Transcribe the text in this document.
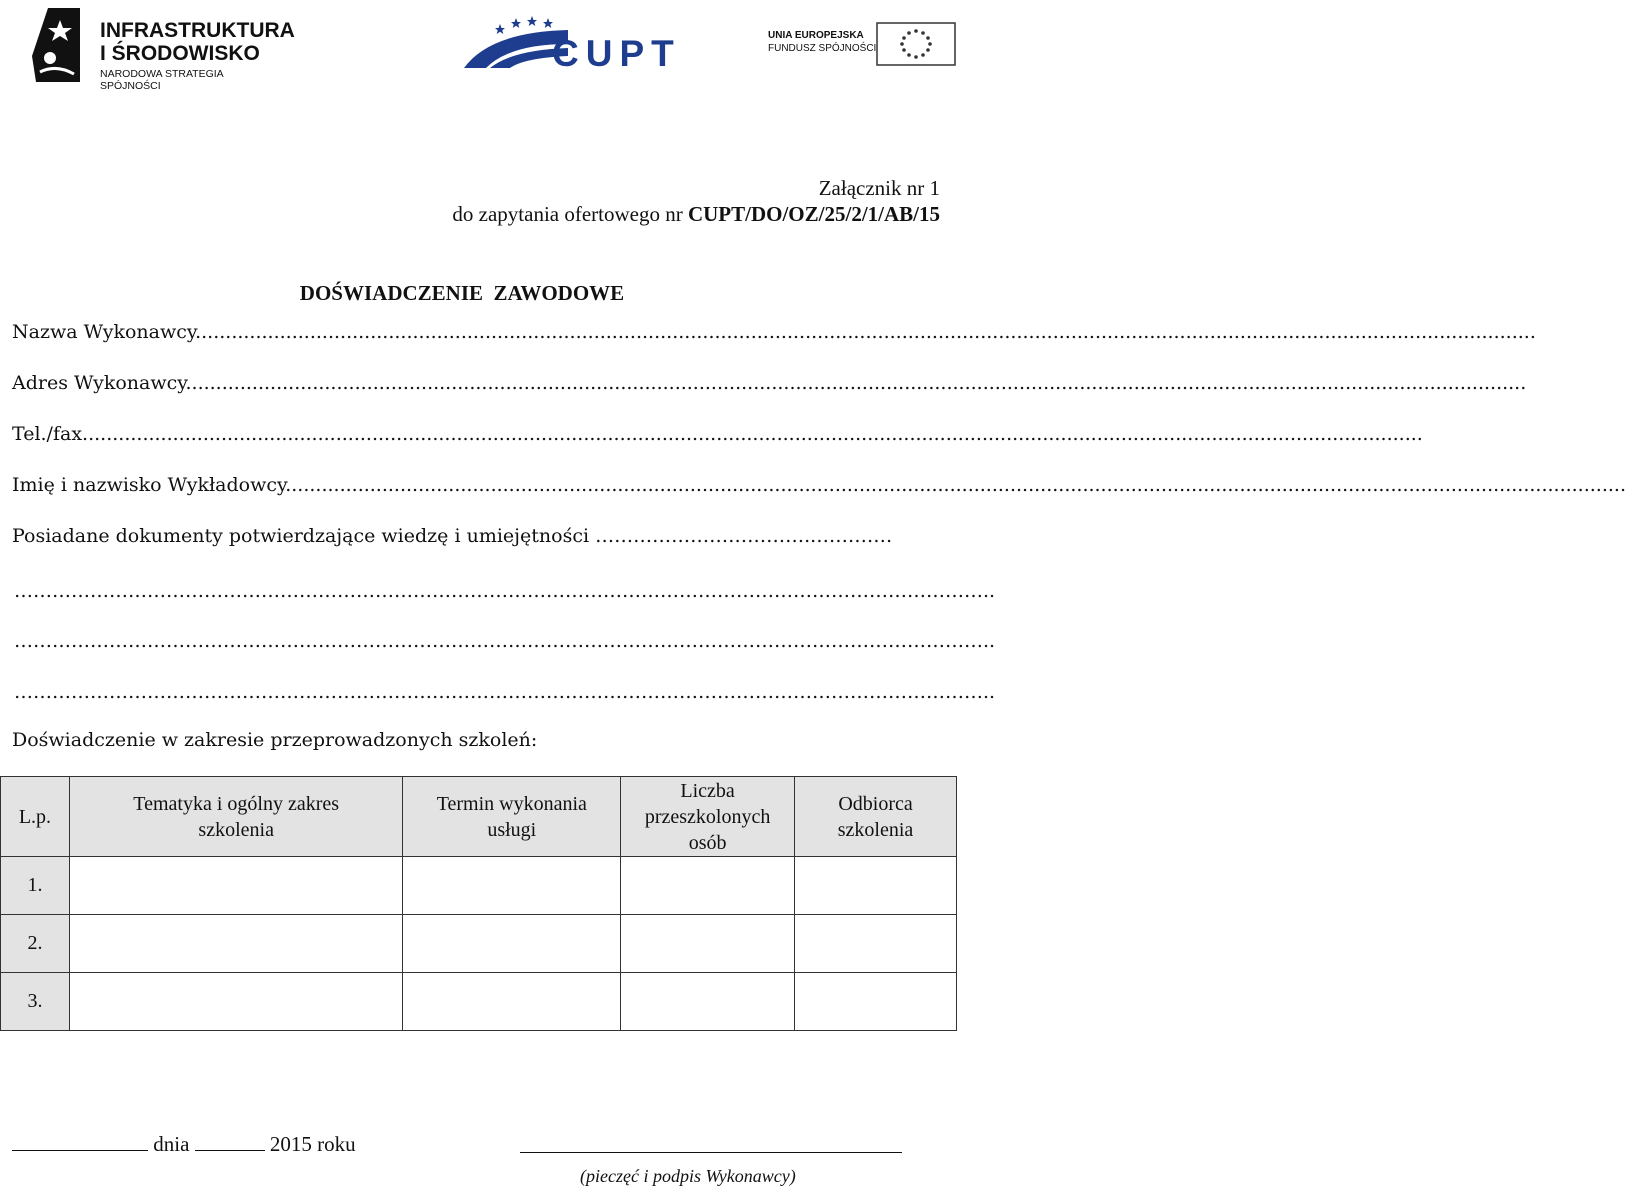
INFRASTRUKTURA
I ŚRODOWISKO
NARODOWA STRATEGIA SPÓJNOŚCI
CUPT	UNIA EUROPEJSKA
FUNDUSZ SPÓJNOŚCI
Załącznik nr 1
do zapytania ofertowego nr CUPT/DO/OZ/25/2/1/AB/15
DOŚWIADCZENIE  ZAWODOWE
Nazwa Wykonawcy..............................................................................................................................................................................................................................
Adres Wykonawcy..............................................................................................................................................................................................................................
Tel./fax..............................................................................................................................................................................................................................
Imię i nazwisko Wykładowcy..............................................................................................................................................................................................................................
Posiadane dokumenty potwierdzające wiedzę i umiejętności ……………………………..…………
………………………………………………………………………………………………………………………………………..
………………………………………………………………………………………………………………………………………..
………………………………………………………………………………………………………………………………………..
Doświadczenie w zakresie przeprowadzonych szkoleń:
L.p.	Tematyka i ogólny zakres szkolenia	Termin wykonania usługi	Liczba przeszkolonych osób	Odbiorca szkolenia
1.				
2.				
3.				
dnia	2015 roku
(pieczęć i podpis Wykonawcy)
